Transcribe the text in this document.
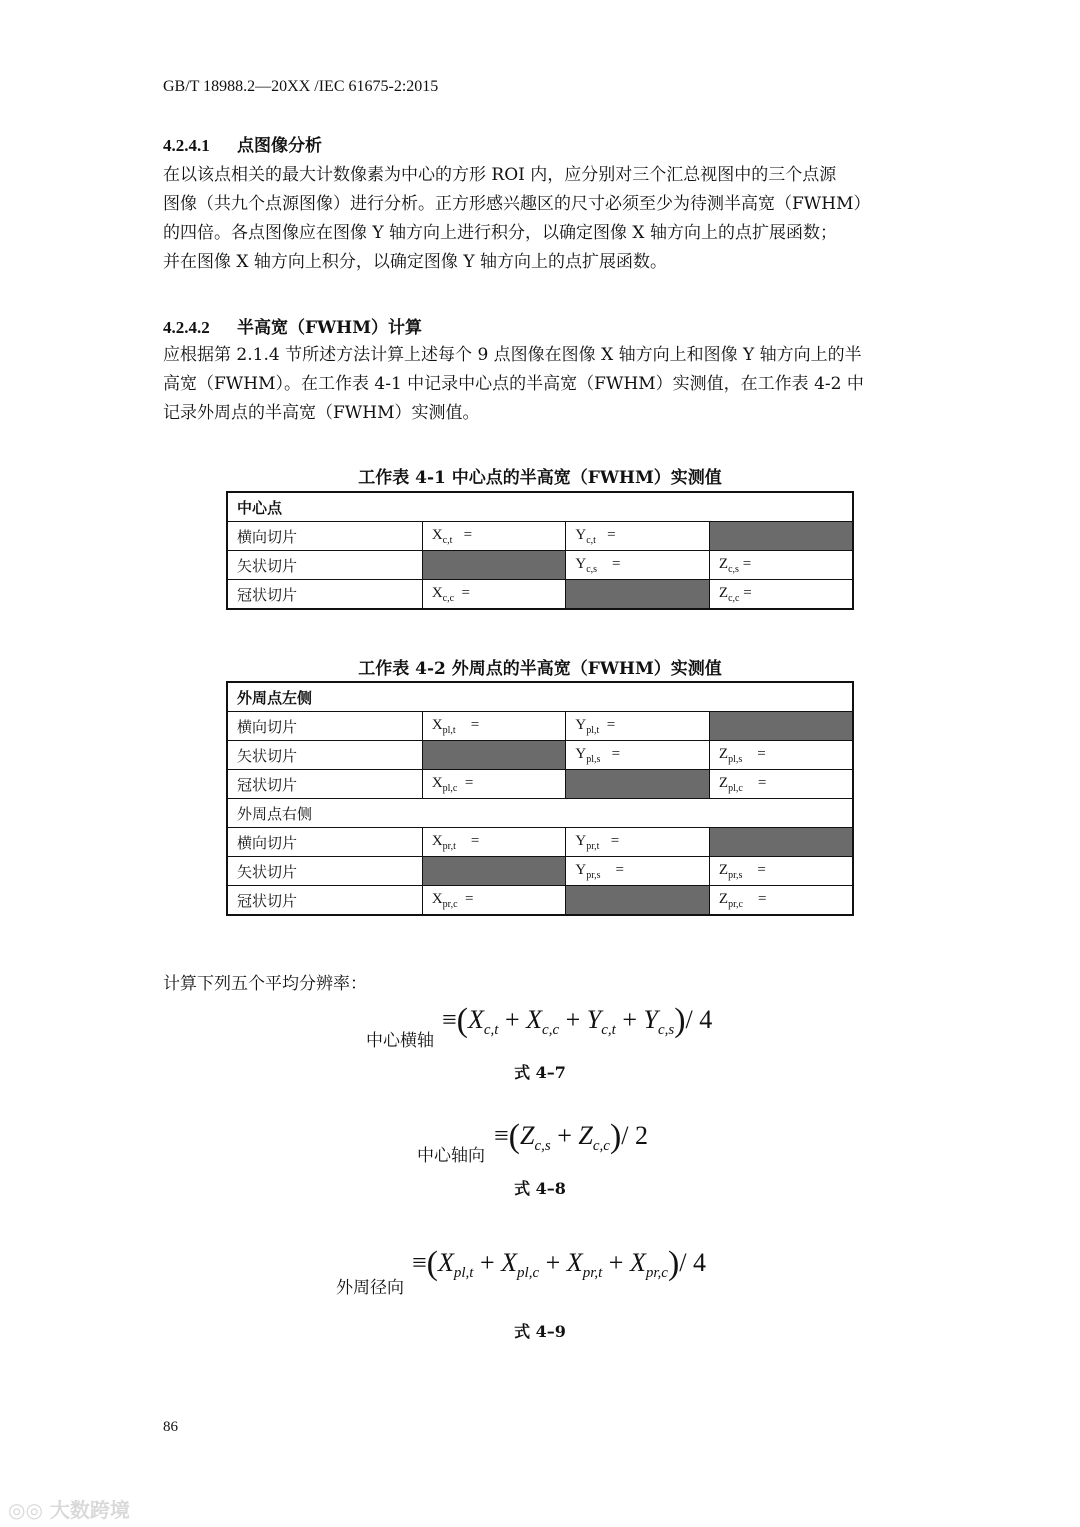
GB/T 18988.2—20XX /IEC 61675-2:2015
4.2.4.1 点图像分析

在以该点相关的最大计数像素为中心的方形 ROI 内，应分别对三个汇总视图中的三个点源

图像（共九个点源图像）进行分析。正方形感兴趣区的尺寸必须至少为待测半高宽（FWHM）

的四倍。各点图像应在图像 Y 轴方向上进行积分，以确定图像 X 轴方向上的点扩展函数；

并在图像 X 轴方向上积分，以确定图像 Y 轴方向上的点扩展函数。

4.2.4.2 半高宽（FWHM）计算

应根据第 2.1.4 节所述方法计算上述每个 9 点图像在图像 X 轴方向上和图像 Y 轴方向上的半

高宽（FWHM）。在工作表 4-1 中记录中心点的半高宽（FWHM）实测值，在工作表 4-2 中

记录外周点的半高宽（FWHM）实测值。

工作表 4-1 中心点的半高宽（FWHM）实测值
中心点			
横向切片	$X_{c,t}$   =	$Y_{c,t}$   =	
矢状切片		$Y_{c,s}$    =	$Z_{c,s}$ =
冠状切片	$X_{c,c}$  =		$Z_{c,c}$ =
工作表 4-2 外周点的半高宽（FWHM）实测值
外周点左侧			
横向切片	$X_{pl,t}$    =	$Y_{pl,t}$  =	
矢状切片		$Y_{pl,s}$   =	$Z_{pl,s}$    =
冠状切片	$X_{pl,c}$  =		$Z_{pl,c}$    =
外周点右侧			
横向切片	$X_{pr,t}$    =	$Y_{pr,t}$   =	
矢状切片		$Y_{pr,s}$    =	$Z_{pr,s}$    =
冠状切片	$X_{pr,c}$  =		$Z_{pr,c}$    =
计算下列五个平均分辨率：
中心横轴
$\equiv(X_{c,t} + X_{c,c} + Y_{c,t} + Y_{c,s})/$ 4
式 4–7
中心轴向
$\equiv(Z_{c,s} + Z_{c,c})/$ 2
式 4–8
外周径向
$\equiv(X_{pl,t} + X_{pl,c} + X_{pr,t} + X_{pr,c})/$ 4
式 4–9
86
◎◎ 大数跨境
